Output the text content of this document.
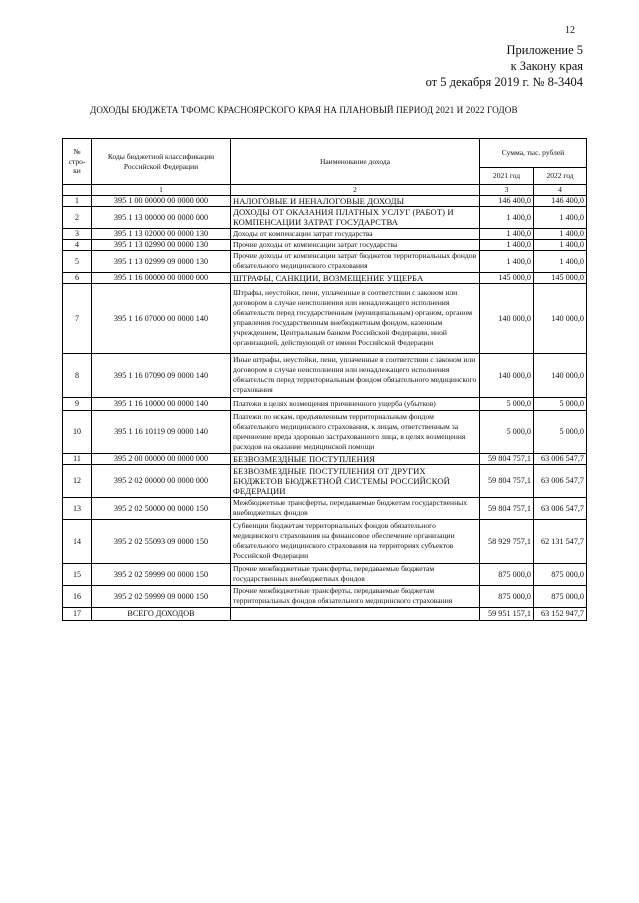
12
Приложение 5
к Закону края
от 5 декабря 2019 г. № 8-3404
ДОХОДЫ БЮДЖЕТА ТФОМС КРАСНОЯРСКОГО КРАЯ НА ПЛАНОВЫЙ ПЕРИОД 2021 И 2022 ГОДОВ
№ стро-ки	Коды бюджетной классификации Российской Федерации	Наименование дохода	Сумма, тыс. рублей	
			2021 год	2022 год
	1	2	3	4
1	395 1 00 00000 00 0000 000	НАЛОГОВЫЕ И НЕНАЛОГОВЫЕ ДОХОДЫ	146 400,0	146 400,0
2	395 1 13 00000 00 0000 000	ДОХОДЫ ОТ ОКАЗАНИЯ ПЛАТНЫХ УСЛУГ (РАБОТ) И КОМПЕНСАЦИИ ЗАТРАТ ГОСУДАРСТВА	1 400,0	1 400,0
3	395 1 13 02000 00 0000 130	Доходы от компенсации затрат государства	1 400,0	1 400,0
4	395 1 13 02990 00 0000 130	Прочие доходы от компенсации затрат государства	1 400,0	1 400,0
5	395 1 13 02999 09 0000 130	Прочие доходы от компенсации затрат бюджетов территориальных фондов обязательного медицинского страхования	1 400,0	1 400,0
6	395 1 16 00000 00 0000 000	ШТРАФЫ, САНКЦИИ, ВОЗМЕЩЕНИЕ УЩЕРБА	145 000,0	145 000,0
7	395 1 16 07000 00 0000 140	Штрафы, неустойки, пени, уплаченные в соответствии с законом или договором в случае неисполнения или ненадлежащего исполнения обязательств перед государственным (муниципальным) органом, органом управления государственным внебюджетным фондом, казенным учреждением, Центральным банком Российской Федерации, иной организацией, действующей от имени Российской Федерации	140 000,0	140 000,0
8	395 1 16 07090 09 0000 140	Иные штрафы, неустойки, пени, уплаченные в соответствии с законом или договором в случае неисполнения или ненадлежащего исполнения обязательств перед территориальным фондом обязательного медицинского страхования	140 000,0	140 000,0
9	395 1 16 10000 00 0000 140	Платежи в целях возмещения причиненного ущерба (убытков)	5 000,0	5 000,0
10	395 1 16 10119 09 0000 140	Платежи по искам, предъявленным территориальным фондом обязательного медицинского страхования, к лицам, ответственным за причинение вреда здоровью застрахованного лица, в целях возмещения расходов на оказание медицинской помощи	5 000,0	5 000,0
11	395 2 00 00000 00 0000 000	БЕЗВОЗМЕЗДНЫЕ ПОСТУПЛЕНИЯ	59 804 757,1	63 006 547,7
12	395 2 02 00000 00 0000 000	БЕЗВОЗМЕЗДНЫЕ ПОСТУПЛЕНИЯ ОТ ДРУГИХ БЮДЖЕТОВ БЮДЖЕТНОЙ СИСТЕМЫ РОССИЙСКОЙ ФЕДЕРАЦИИ	59 804 757,1	63 006 547,7
13	395 2 02 50000 00 0000 150	Межбюджетные трансферты, передаваемые бюджетам государственных внебюджетных фондов	59 804 757,1	63 006 547,7
14	395 2 02 55093 09 0000 150	Субвенции бюджетам территориальных фондов обязательного медицинского страхования на финансовое обеспечение организации обязательного медицинского страхования на территориях субъектов Российской Федерации	58 929 757,1	62 131 547,7
15	395 2 02 59999 00 0000 150	Прочие межбюджетные трансферты, передаваемые бюджетам государственных внебюджетных фондов	875 000,0	875 000,0
16	395 2 02 59999 09 0000 150	Прочие межбюджетные трансферты, передаваемые бюджетам территориальных фондов обязательного медицинского страхования	875 000,0	875 000,0
17	ВСЕГО ДОХОДОВ		59 951 157,1	63 152 947,7
